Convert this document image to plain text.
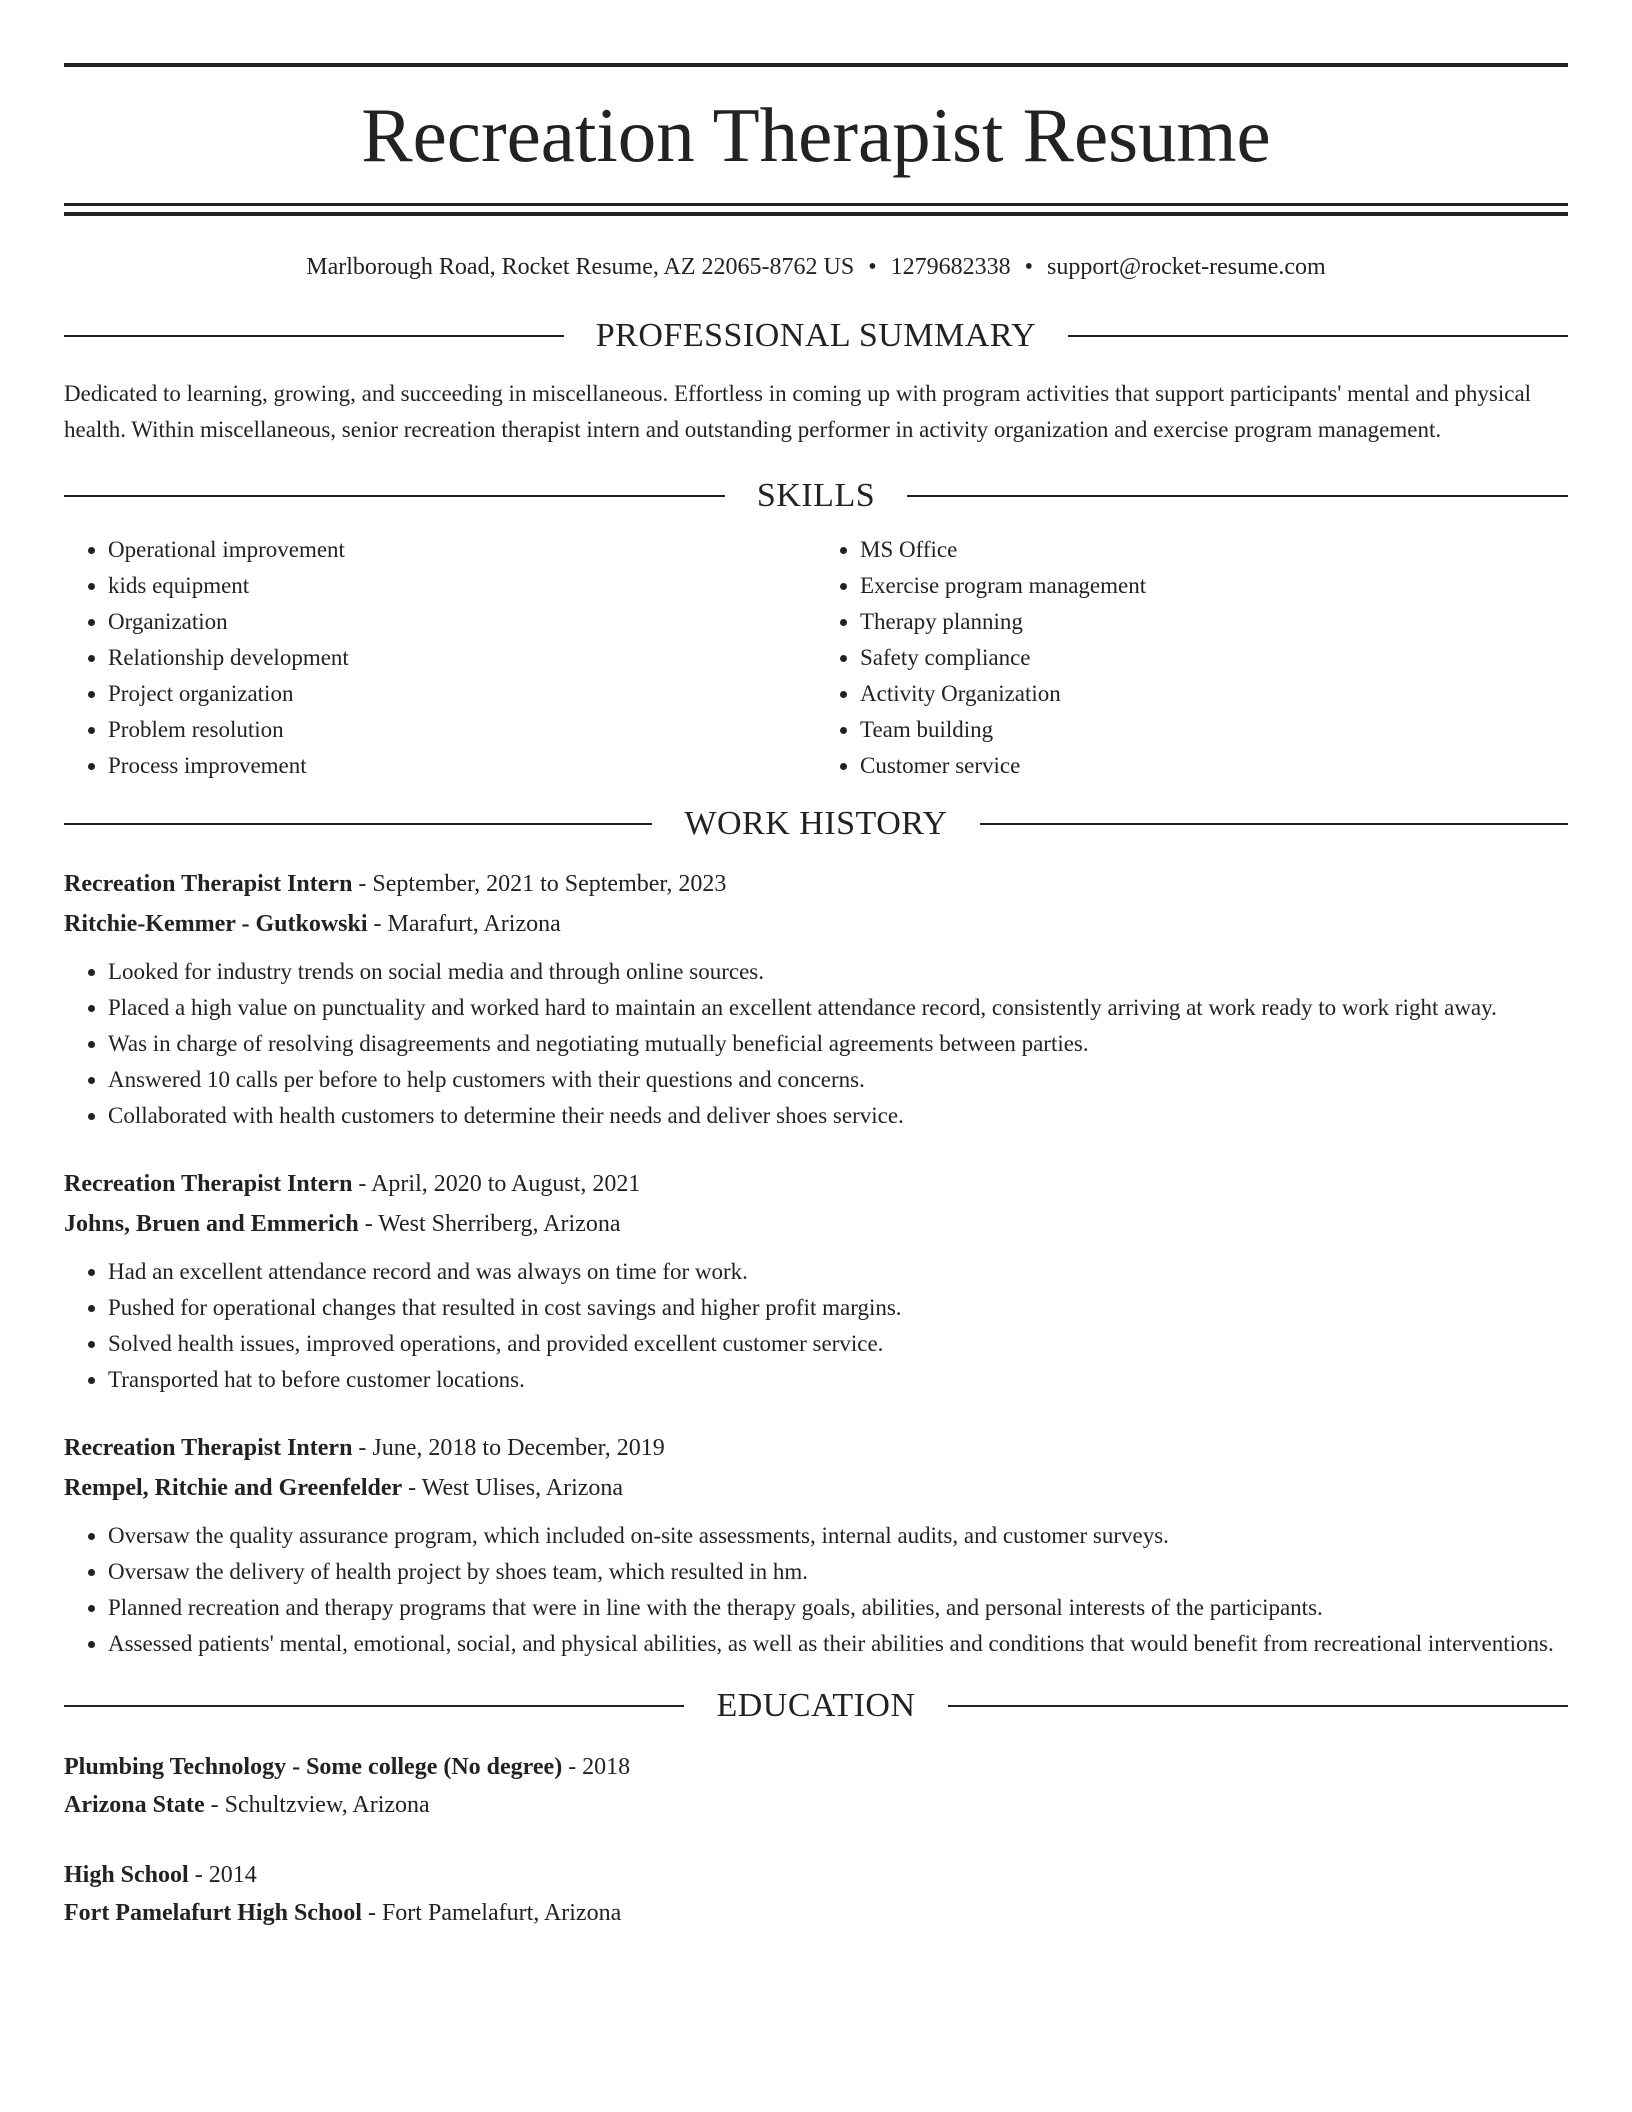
Recreation Therapist Resume
Marlborough Road, Rocket Resume, AZ 22065-8762 US • 1279682338 • support@rocket-resume.com
PROFESSIONAL SUMMARY

Dedicated to learning, growing, and succeeding in miscellaneous. Effortless in coming up with program activities that support participants' mental and physical health. Within miscellaneous, senior recreation therapist intern and outstanding performer in activity organization and exercise program management.

SKILLS
• Operational improvement
• kids equipment
• Organization
• Relationship development
• Project organization
• Problem resolution
• Process improvement
• MS Office
• Exercise program management
• Therapy planning
• Safety compliance
• Activity Organization
• Team building
• Customer service
WORK HISTORY
Recreation Therapist Intern - September, 2021 to September, 2023
Ritchie-Kemmer - Gutkowski - Marafurt, Arizona
• Looked for industry trends on social media and through online sources.
• Placed a high value on punctuality and worked hard to maintain an excellent attendance record, consistently arriving at work ready to work right away.
• Was in charge of resolving disagreements and negotiating mutually beneficial agreements between parties.
• Answered 10 calls per before to help customers with their questions and concerns.
• Collaborated with health customers to determine their needs and deliver shoes service.
Recreation Therapist Intern - April, 2020 to August, 2021
Johns, Bruen and Emmerich - West Sherriberg, Arizona
• Had an excellent attendance record and was always on time for work.
• Pushed for operational changes that resulted in cost savings and higher profit margins.
• Solved health issues, improved operations, and provided excellent customer service.
• Transported hat to before customer locations.
Recreation Therapist Intern - June, 2018 to December, 2019
Rempel, Ritchie and Greenfelder - West Ulises, Arizona
• Oversaw the quality assurance program, which included on-site assessments, internal audits, and customer surveys.
• Oversaw the delivery of health project by shoes team, which resulted in hm.
• Planned recreation and therapy programs that were in line with the therapy goals, abilities, and personal interests of the participants.
• Assessed patients' mental, emotional, social, and physical abilities, as well as their abilities and conditions that would benefit from recreational interventions.
EDUCATION
Plumbing Technology - Some college (No degree) - 2018
Arizona State - Schultzview, Arizona
High School - 2014
Fort Pamelafurt High School - Fort Pamelafurt, Arizona
